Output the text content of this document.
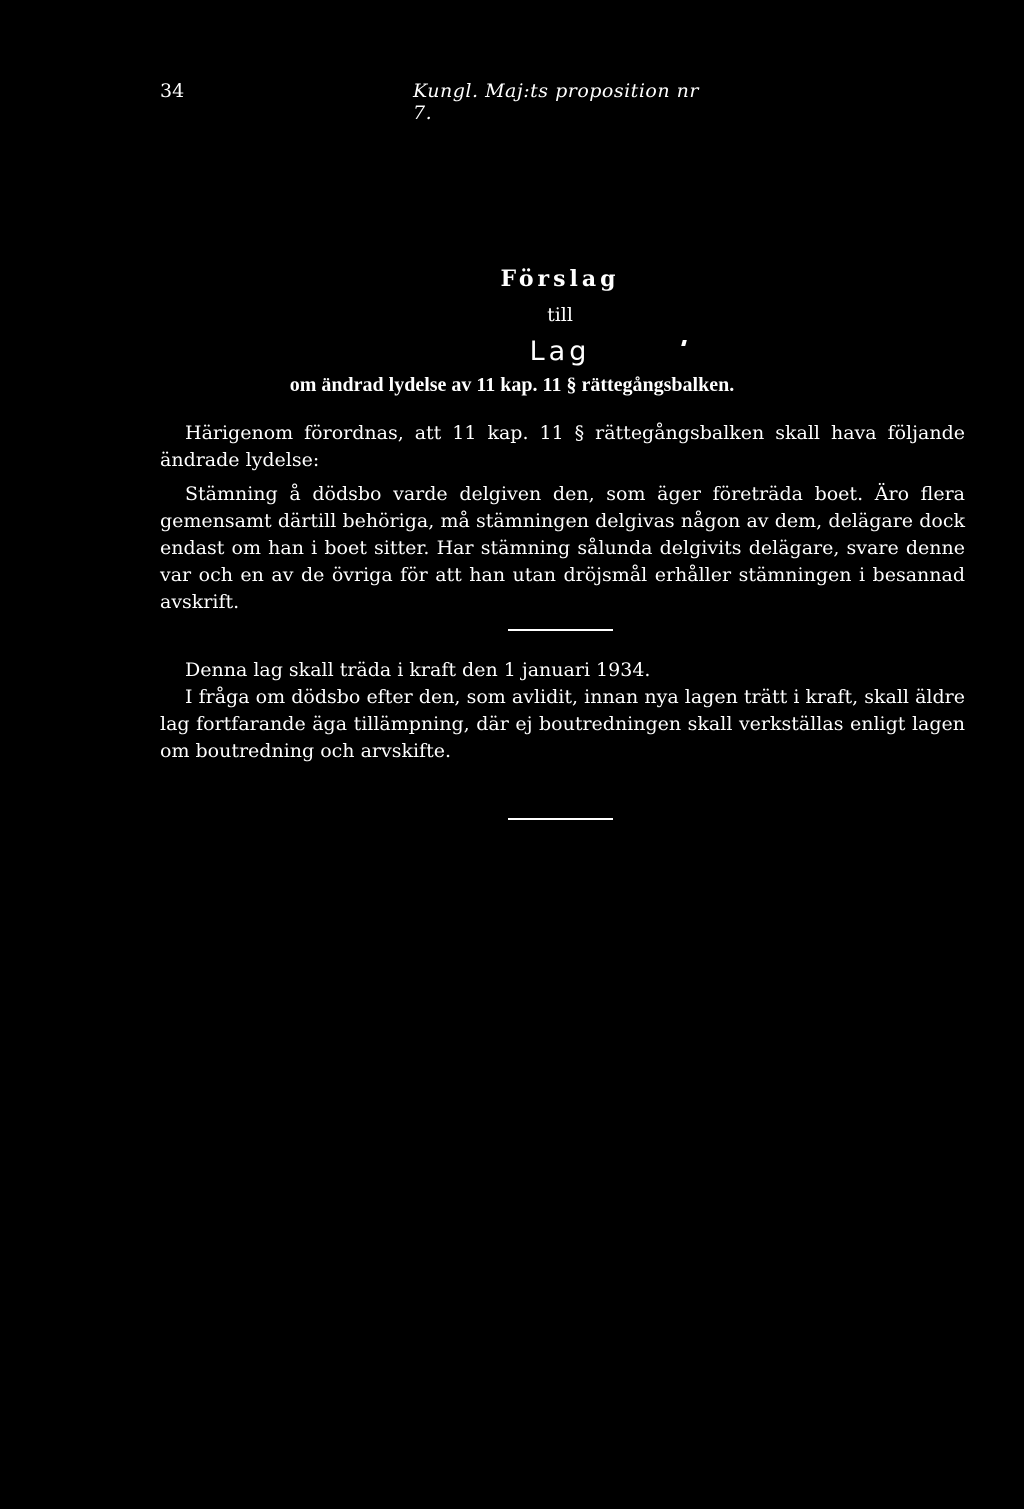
34	Kungl. Maj:ts proposition nr 7.
Förslag
till
Lag
om ändrad lydelse av 11 kap. 11 § rättegångsbalken.

Härigenom förordnas, att 11 kap. 11 § rättegångsbalken skall hava följande ändrade lydelse:

Stämning å dödsbo varde delgiven den, som äger företräda boet. Äro flera gemensamt därtill behöriga, må stämningen delgivas någon av dem, delägare dock endast om han i boet sitter. Har stämning sålunda delgivits delägare, svare denne var och en av de övriga för att han utan dröjsmål erhåller stämningen i besannad avskrift.

Denna lag skall träda i kraft den 1 januari 1934.

I fråga om dödsbo efter den, som avlidit, innan nya lagen trätt i kraft, skall äldre lag fortfarande äga tillämpning, där ej boutredningen skall verkställas enligt lagen om boutredning och arvskifte.
